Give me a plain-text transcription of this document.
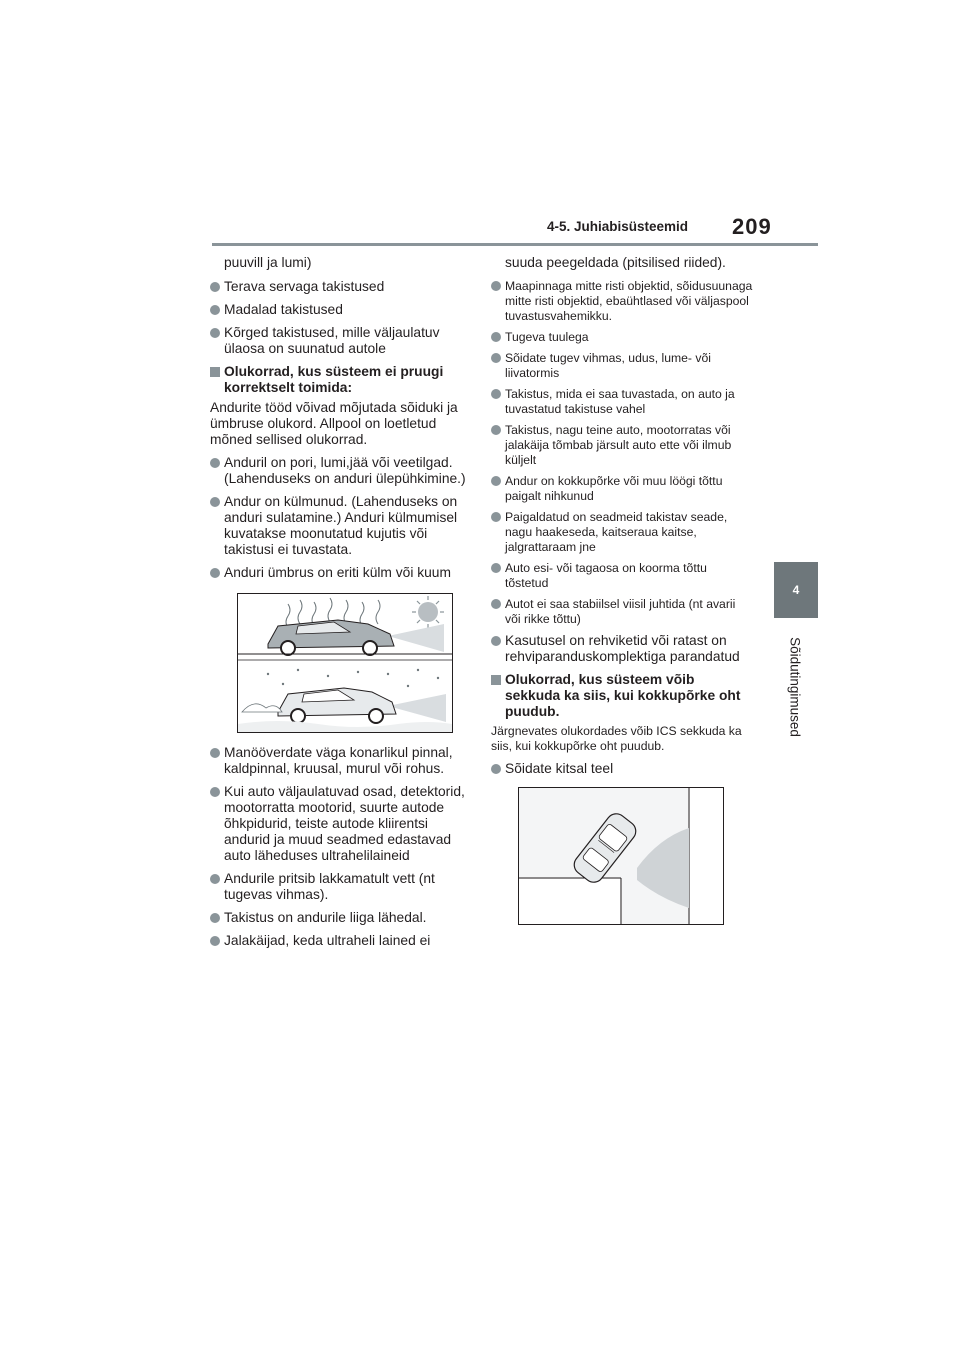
4-5. Juhiabisüsteemid 209
4
Sõidutingimused

puuvill ja lumi)

Terava servaga takistused
Madalad takistused
Kõrged takistused, mille väljaulatuv ülaosa on suunatud autole
Olukorrad, kus süsteem ei pruugi korrektselt toimida:

Andurite tööd võivad mõjutada sõiduki ja ümbruse olukord. Allpool on loetletud mõned sellised olukorrad.

Anduril on pori, lumi,jää või veetilgad. (Lahenduseks on anduri ülepühkimine.)
Andur on külmunud. (Lahenduseks on anduri sulatamine.) Anduri külmumisel kuvatakse moonutatud kujutis või takistusi ei tuvastata.
Anduri ümbrus on eriti külm või kuum
Manööverdate väga konarlikul pinnal, kaldpinnal, kruusal, murul või rohus.
Kui auto väljaulatuvad osad, detektorid, mootorratta mootorid, suurte autode õhkpidurid, teiste autode kliirentsi andurid ja muud seadmed edastavad auto läheduses ultrahelilaineid
Andurile pritsib lakkamatult vett (nt tugevas vihmas).
Takistus on andurile liiga lähedal.
Jalakäijad, keda ultraheli lained ei

suuda peegeldada (pitsilised riided).

Maapinnaga mitte risti objektid, sõidusuunaga mitte risti objektid, ebaühtlased või väljaspool tuvastusvahemikku.
Tugeva tuulega
Sõidate tugev vihmas, udus, lume- või liivatormis
Takistus, mida ei saa tuvastada, on auto ja tuvastatud takistuse vahel
Takistus, nagu teine auto, mootorratas või jalakäija tõmbab järsult auto ette või ilmub küljelt
Andur on kokkupõrke või muu löögi tõttu paigalt nihkunud
Paigaldatud on seadmeid takistav seade, nagu haakeseda, kaitseraua kaitse, jalgrattaraam jne
Auto esi- või tagaosa on koorma tõttu tõstetud
Autot ei saa stabiilsel viisil juhtida (nt avarii või rikke tõttu)
Kasutusel on rehviketid või ratast on rehviparanduskomplektiga parandatud
Olukorrad, kus süsteem võib sekkuda ka siis, kui kokkupõrke oht puudub.

Järgnevates olukordades võib ICS sekkuda ka siis, kui kokkupõrke oht puudub.

Sõidate kitsal teel
